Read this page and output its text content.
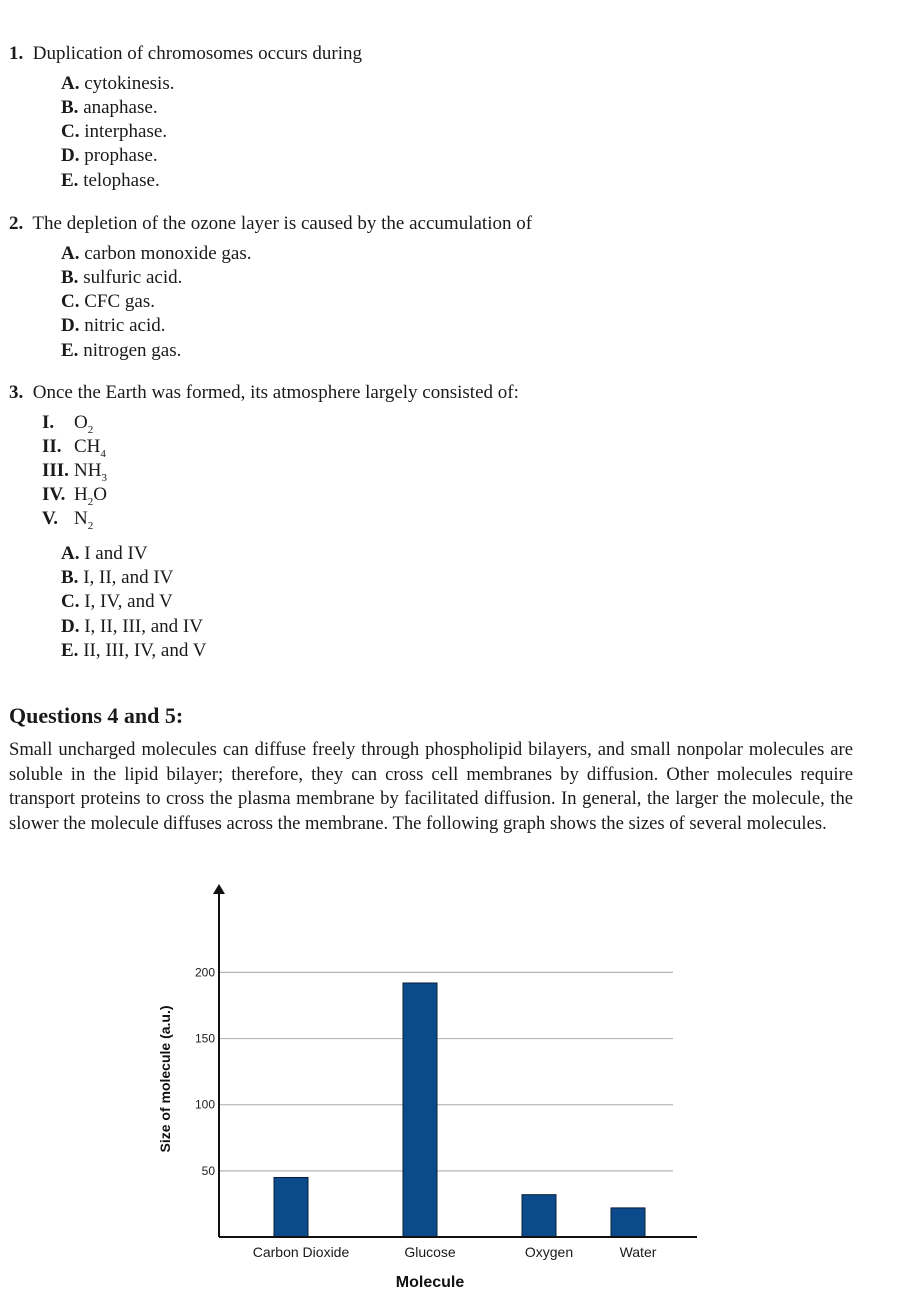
1. Duplication of chromosomes occurs during
A. cytokinesis.
B. anaphase.
C. interphase.
D. prophase.
E. telophase.
2. The depletion of the ozone layer is caused by the accumulation of
A. carbon monoxide gas.
B. sulfuric acid.
C. CFC gas.
D. nitric acid.
E. nitrogen gas.
3. Once the Earth was formed, its atmosphere largely consisted of:
I. $O_2$
II. $CH_4$
III. $NH_3$
IV. $H_2O$
V. $N_2$
A. I and IV
B. I, II, and IV
C. I, IV, and V
D. I, II, III, and IV
E. II, III, IV, and V
Questions 4 and 5:
Small uncharged molecules can diffuse freely through phospholipid bilayers, and small nonpolar molecules are soluble in the lipid bilayer; therefore, they can cross cell membranes by diffusion. Other molecules require transport proteins to cross the plasma membrane by facilitated diffusion. In general, the larger the molecule, the slower the molecule diffuses across the membrane. The following graph shows the sizes of several molecules.
50
100
150
200
Carbon Dioxide	Glucose	Oxygen	Water
Molecule
Size of molecule (a.u.)
